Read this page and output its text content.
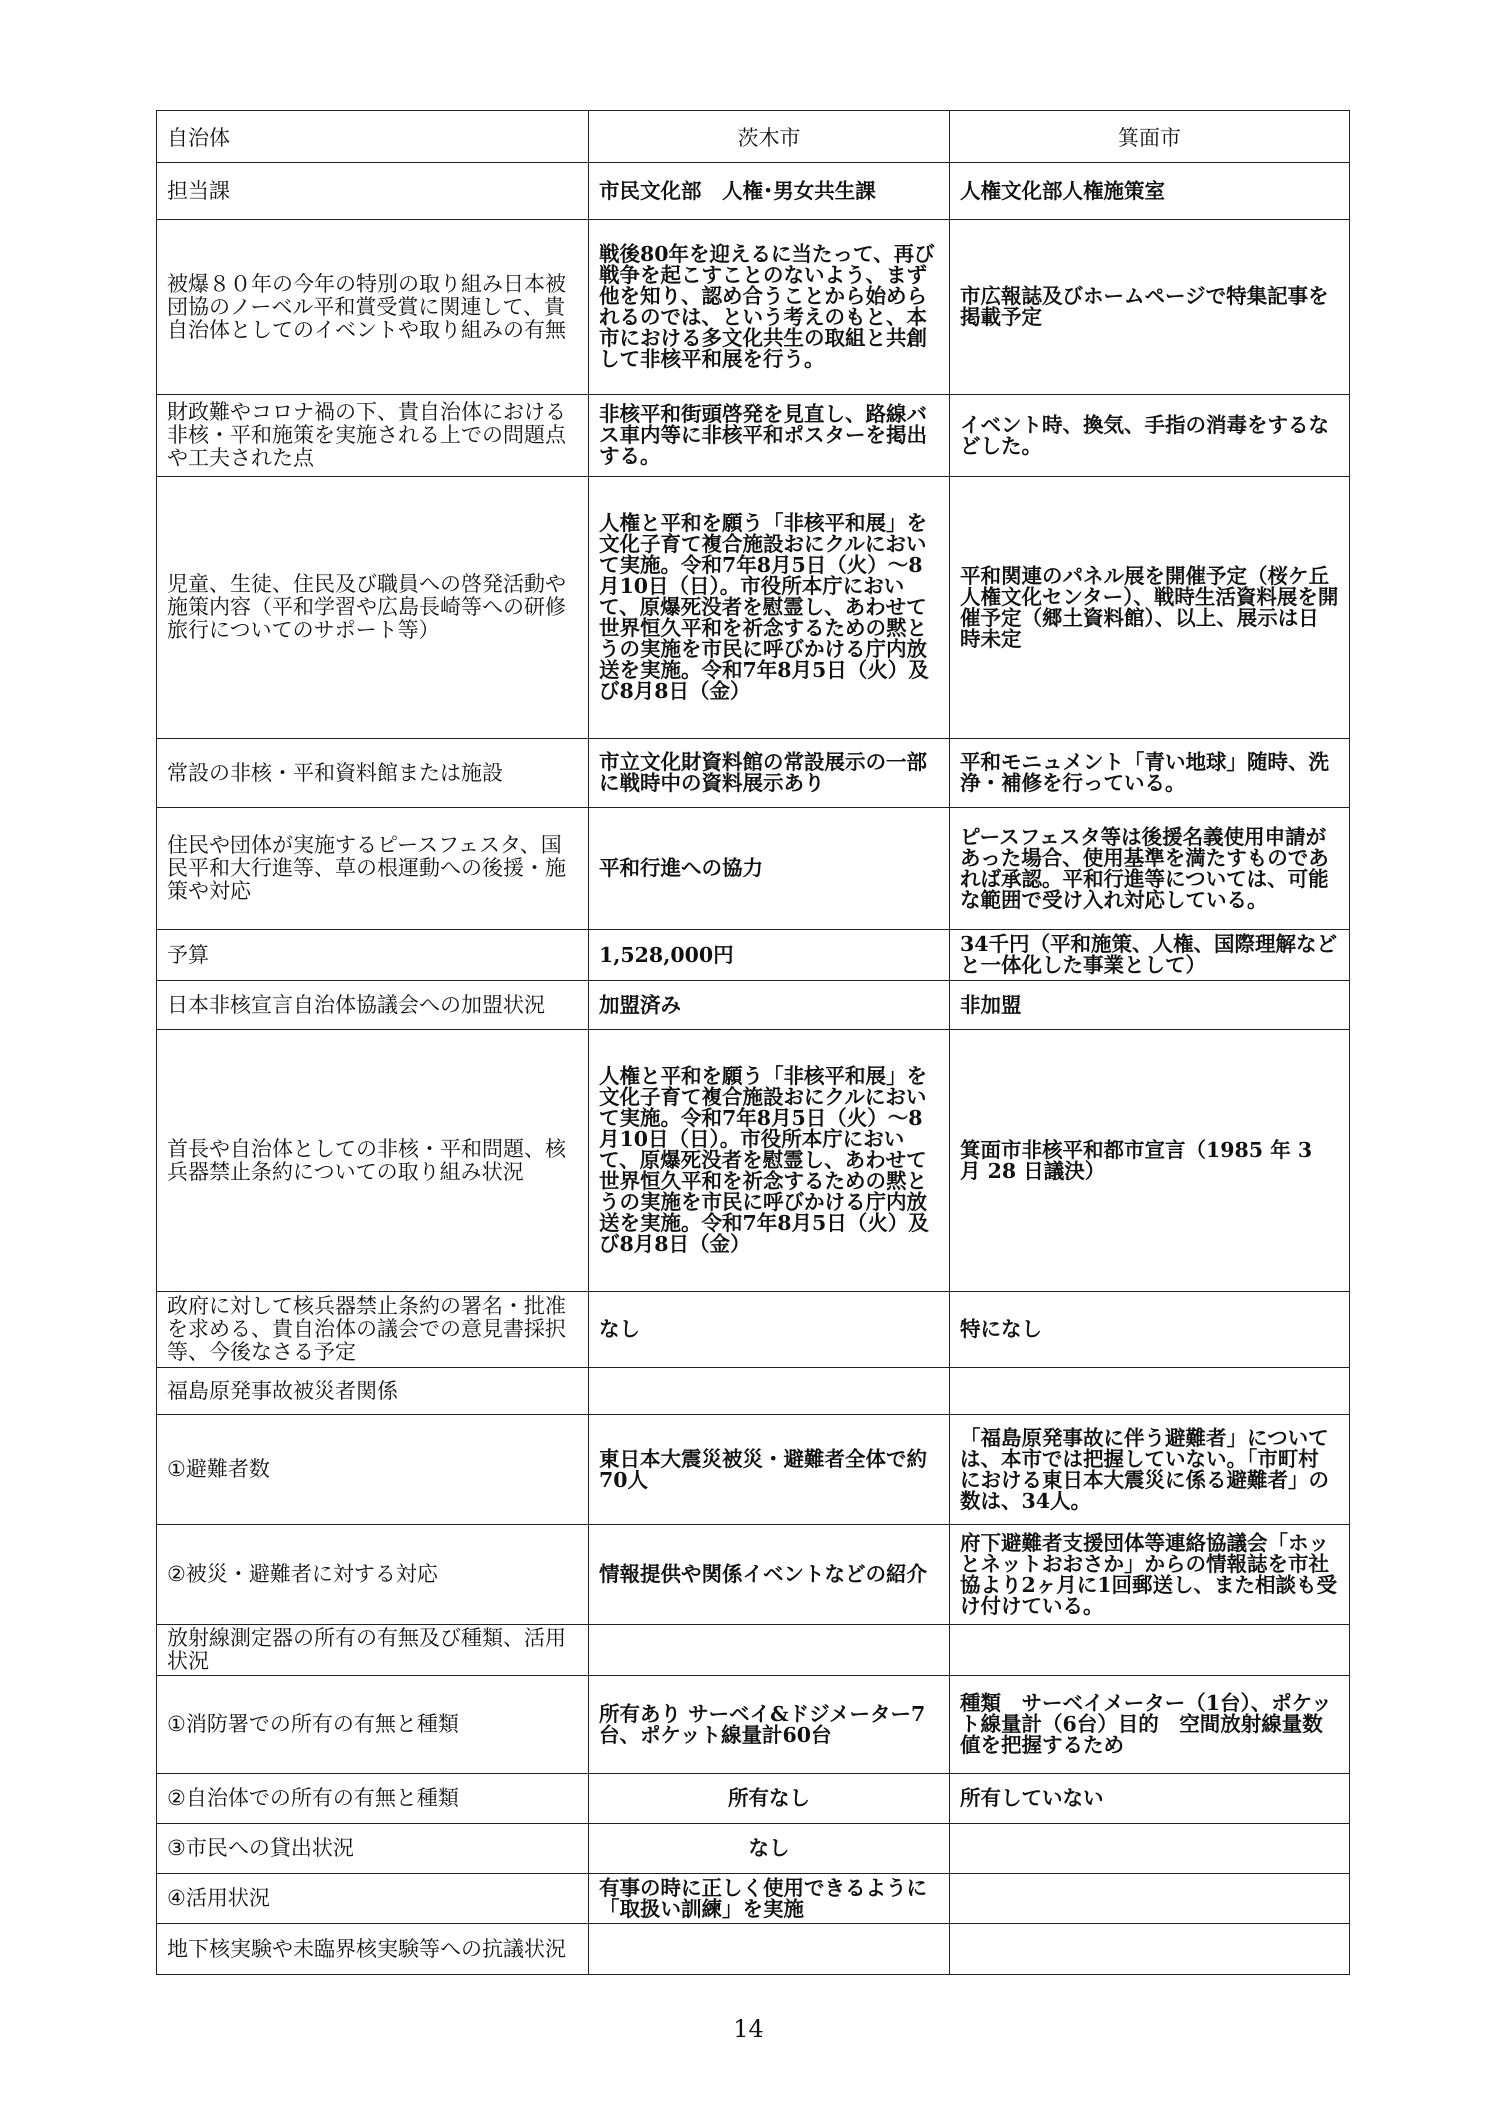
自治体	茨木市	箕面市
担当課	市民文化部　人権･男女共生課	人権文化部人権施策室
被爆８０年の今年の特別の取り組み日本被団協のノーベル平和賞受賞に関連して、貴自治体としてのイベントや取り組みの有無	戦後80年を迎えるに当たって、再び戦争を起こすことのないよう、まず他を知り、認め合うことから始められるのでは、という考えのもと、本市における多文化共生の取組と共創して非核平和展を行う。	市広報誌及びホームページで特集記事を掲載予定
財政難やコロナ禍の下、貴自治体における非核・平和施策を実施される上での問題点や工夫された点	非核平和街頭啓発を見直し、路線バス車内等に非核平和ポスターを掲出する。	イベント時、換気、手指の消毒をするなどした。
児童、生徒、住民及び職員への啓発活動や施策内容（平和学習や広島長崎等への研修旅行についてのサポート等）	人権と平和を願う「非核平和展」を文化子育て複合施設おにクルにおいて実施。令和7年8月5日（火）～8月10日（日）。市役所本庁において、原爆死没者を慰霊し、あわせて世界恒久平和を祈念するための黙とうの実施を市民に呼びかける庁内放送を実施。令和7年8月5日（火）及び8月8日（金）	平和関連のパネル展を開催予定（桜ケ丘人権文化センター）、戦時生活資料展を開催予定（郷土資料館）、以上、展示は日時未定
常設の非核・平和資料館または施設	市立文化財資料館の常設展示の一部に戦時中の資料展示あり	平和モニュメント「青い地球」随時、洗浄・補修を行っている。
住民や団体が実施するピースフェスタ、国民平和大行進等、草の根運動への後援・施策や対応	平和行進への協力	ピースフェスタ等は後援名義使用申請があった場合、使用基準を満たすものであれば承認。平和行進等については、可能な範囲で受け入れ対応している。
予算	1,528,000円	34千円（平和施策、人権、国際理解などと一体化した事業として）
日本非核宣言自治体協議会への加盟状況	加盟済み	非加盟
首長や自治体としての非核・平和問題、核兵器禁止条約についての取り組み状況	人権と平和を願う「非核平和展」を文化子育て複合施設おにクルにおいて実施。令和7年8月5日（火）～8月10日（日）。市役所本庁において、原爆死没者を慰霊し、あわせて世界恒久平和を祈念するための黙とうの実施を市民に呼びかける庁内放送を実施。令和7年8月5日（火）及び8月8日（金）	箕面市非核平和都市宣言（1985 年 3 月 28 日議決）
政府に対して核兵器禁止条約の署名・批准を求める、貴自治体の議会での意見書採択等、今後なさる予定	なし	特になし
福島原発事故被災者関係		
①避難者数	東日本大震災被災・避難者全体で約70人	「福島原発事故に伴う避難者」については、本市では把握していない。「市町村における東日本大震災に係る避難者」の数は、34人。
②被災・避難者に対する対応	情報提供や関係イベントなどの紹介	府下避難者支援団体等連絡協議会「ホッとネットおおさか」からの情報誌を市社協より2ヶ月に1回郵送し、また相談も受け付けている。
放射線測定器の所有の有無及び種類、活用状況		
①消防署での所有の有無と種類	所有あり サーベイ&ドジメーター7台、ポケット線量計60台	種類　サーベイメーター（1台）、ポケット線量計（6台）目的　空間放射線量数値を把握するため
②自治体での所有の有無と種類	所有なし	所有していない
③市民への貸出状況	なし	
④活用状況	有事の時に正しく使用できるように「取扱い訓練」を実施	
地下核実験や未臨界核実験等への抗議状況		
14
